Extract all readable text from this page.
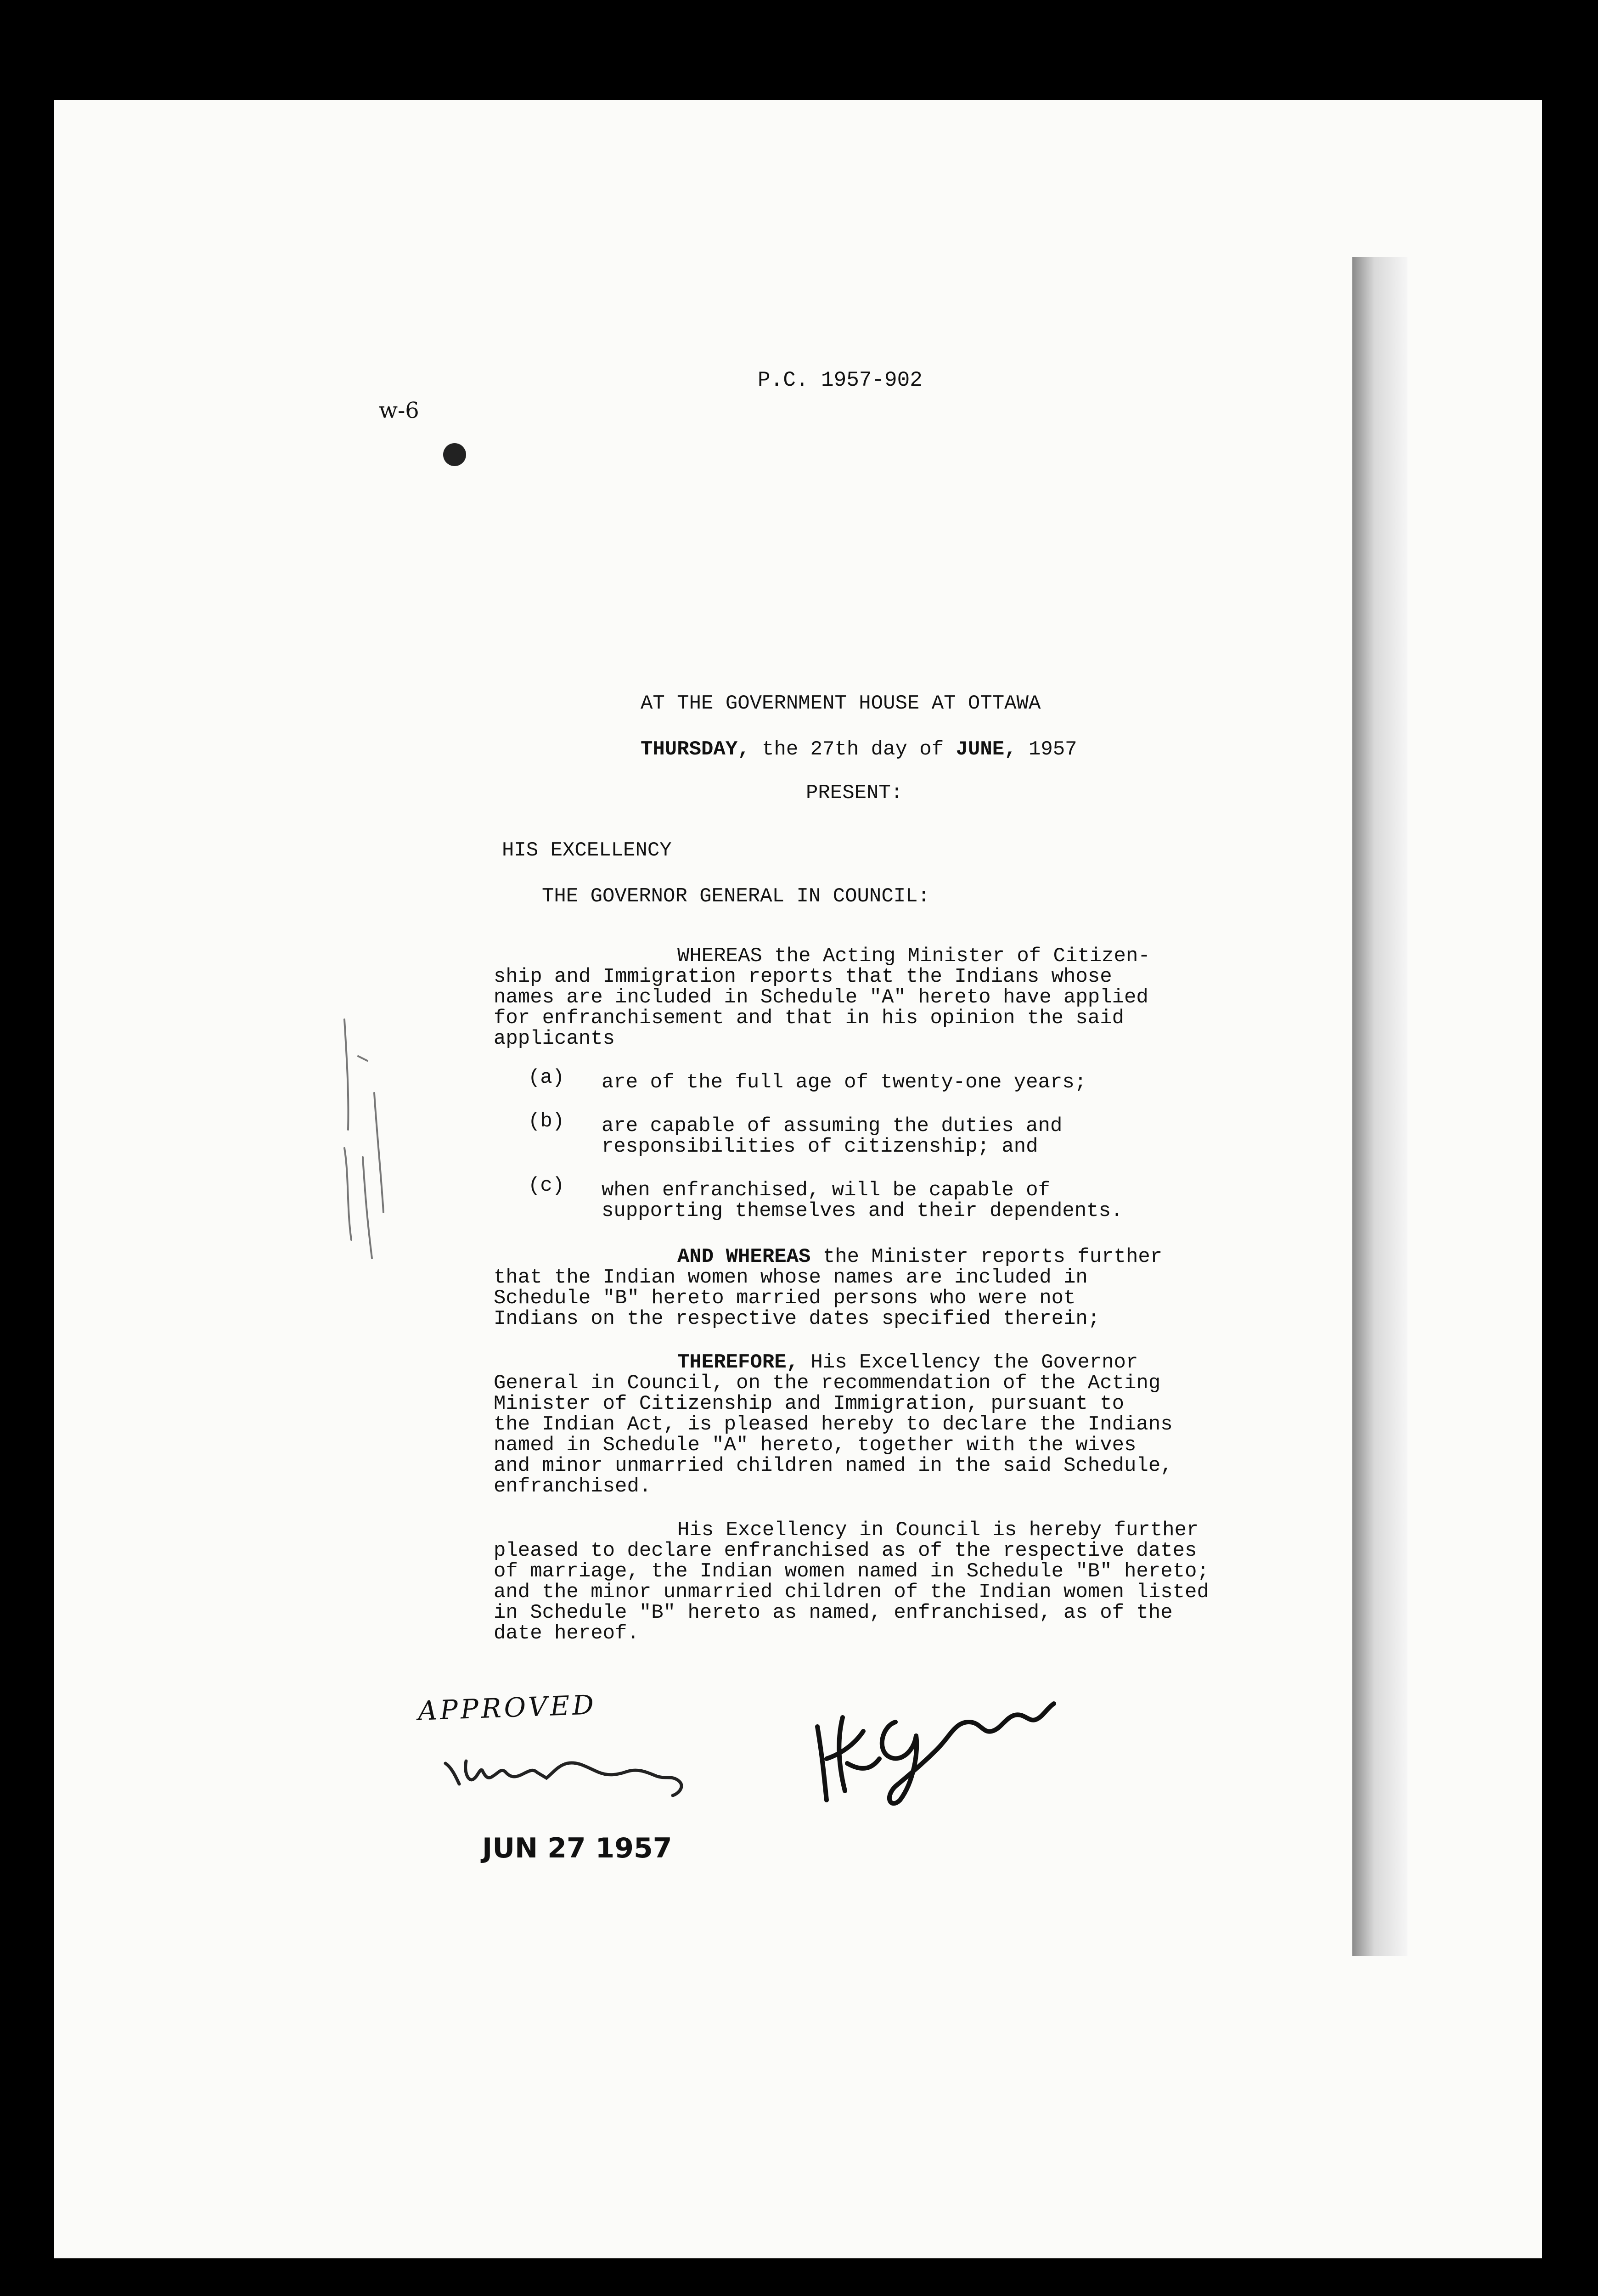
P.C. 1957-902
w-6
AT THE GOVERNMENT HOUSE AT OTTAWA
THURSDAY, the 27th day of JUNE, 1957
PRESENT:
HIS EXCELLENCY
THE GOVERNOR GENERAL IN COUNCIL:
WHEREAS the Acting Minister of Citizen-
ship and Immigration reports that the Indians whose
names are included in Schedule "A" hereto have applied
for enfranchisement and that in his opinion the said
applicants
(a) are of the full age of twenty-one years;
(b) are capable of assuming the duties and
responsibilities of citizenship; and
(c) when enfranchised, will be capable of
supporting themselves and their dependents.
AND WHEREAS the Minister reports further
that the Indian women whose names are included in
Schedule "B" hereto married persons who were not
Indians on the respective dates specified therein;
THEREFORE, His Excellency the Governor
General in Council, on the recommendation of the Acting
Minister of Citizenship and Immigration, pursuant to
the Indian Act, is pleased hereby to declare the Indians
named in Schedule "A" hereto, together with the wives
and minor unmarried children named in the said Schedule,
enfranchised.
His Excellency in Council is hereby further
pleased to declare enfranchised as of the respective dates
of marriage, the Indian women named in Schedule "B" hereto;
and the minor unmarried children of the Indian women listed
in Schedule "B" hereto as named, enfranchised, as of the
date hereof.
APPROVED
JUN 27 1957
